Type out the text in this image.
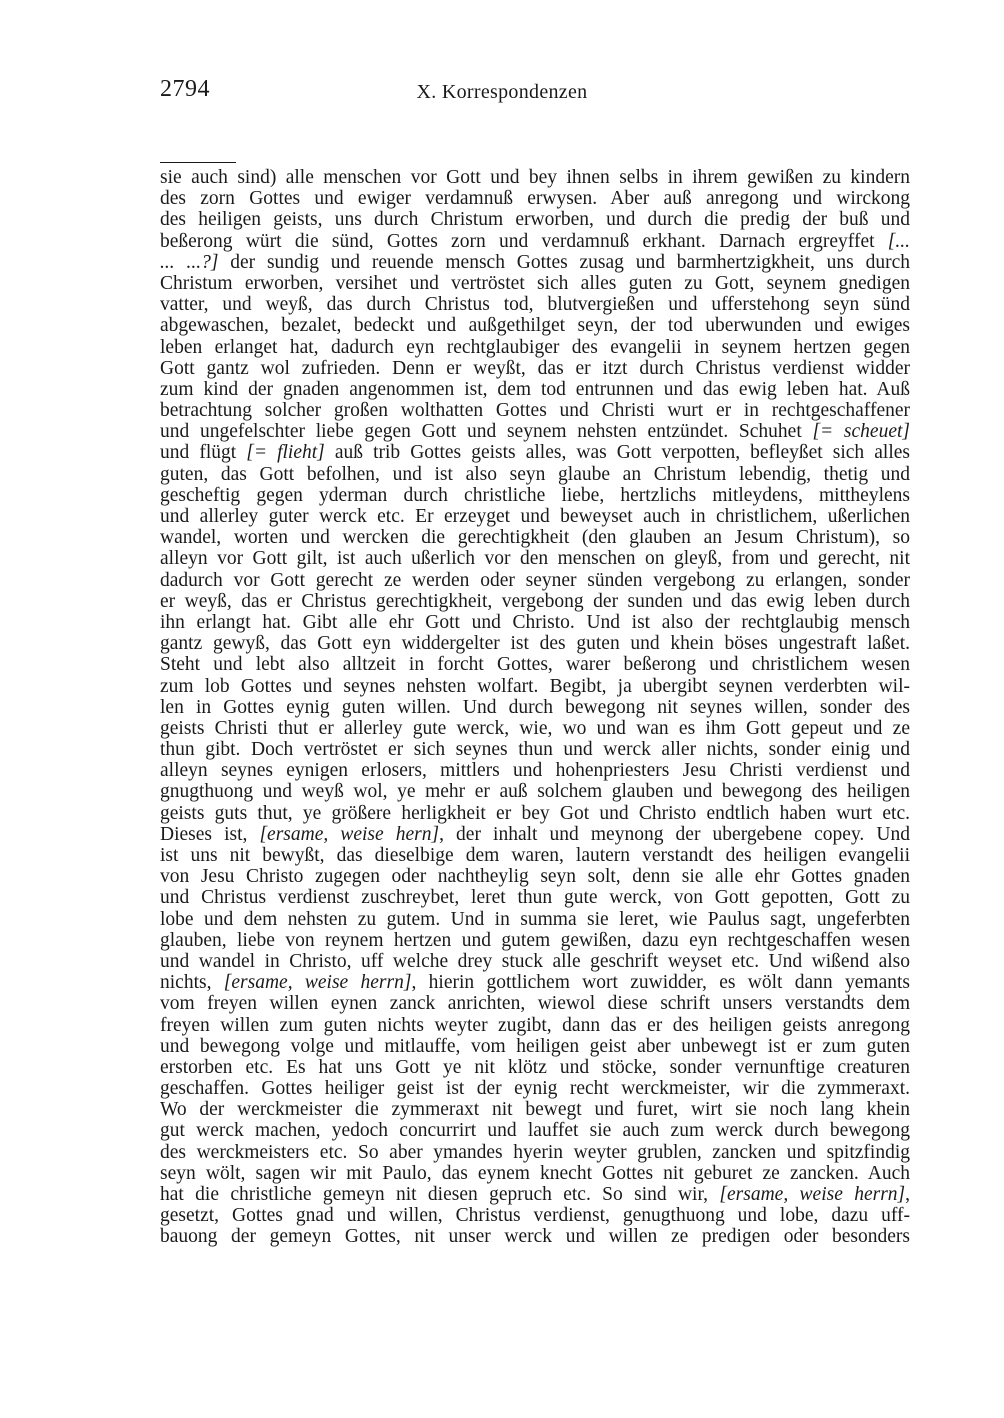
2794	X. Korrespondenzen
sie auch sind) alle menschen vor Gott und bey ihnen selbs in ihrem gewißen zu kindern
des zorn Gottes und ewiger verdamnuß erwysen. Aber auß anregong und wirckong
des heiligen geists, uns durch Christum erworben, und durch die predig der buß und
beßerong würt die sünd, Gottes zorn und verdamnuß erkhant. Darnach ergreyffet [...
... ...?] der sundig und reuende mensch Gottes zusag und barmhertzigkheit, uns durch
Christum erworben, versihet und vertröstet sich alles guten zu Gott, seynem gnedigen
vatter, und weyß, das durch Christus tod, blutvergießen und ufferstehong seyn sünd
abgewaschen, bezalet, bedeckt und außgethilget seyn, der tod uberwunden und ewiges
leben erlanget hat, dadurch eyn rechtglaubiger des evangelii in seynem hertzen gegen
Gott gantz wol zufrieden. Denn er weyßt, das er itzt durch Christus verdienst widder
zum kind der gnaden angenommen ist, dem tod entrunnen und das ewig leben hat. Auß
betrachtung solcher großen wolthatten Gottes und Christi wurt er in rechtgeschaffener
und ungefelschter liebe gegen Gott und seynem nehsten entzündet. Schuhet [= scheuet]
und flügt [= flieht] auß trib Gottes geists alles, was Gott verpotten, befleyßet sich alles
guten, das Gott befolhen, und ist also seyn glaube an Christum lebendig, thetig und
gescheftig gegen yderman durch christliche liebe, hertzlichs mitleydens, mittheylens
und allerley guter werck etc. Er erzeyget und beweyset auch in christlichem, ußerlichen
wandel, worten und wercken die gerechtigkheit (den glauben an Jesum Christum), so
alleyn vor Gott gilt, ist auch ußerlich vor den menschen on gleyß, from und gerecht, nit
dadurch vor Gott gerecht ze werden oder seyner sünden vergebong zu erlangen, sonder
er weyß, das er Christus gerechtigkheit, vergebong der sunden und das ewig leben durch
ihn erlangt hat. Gibt alle ehr Gott und Christo. Und ist also der rechtglaubig mensch
gantz gewyß, das Gott eyn widdergelter ist des guten und khein böses ungestraft laßet.
Steht und lebt also alltzeit in forcht Gottes, warer beßerong und christlichem wesen
zum lob Gottes und seynes nehsten wolfart. Begibt, ja ubergibt seynen verderbten wil-
len in Gottes eynig guten willen. Und durch bewegong nit seynes willen, sonder des
geists Christi thut er allerley gute werck, wie, wo und wan es ihm Gott gepeut und ze
thun gibt. Doch vertröstet er sich seynes thun und werck aller nichts, sonder einig und
alleyn seynes eynigen erlosers, mittlers und hohenpriesters Jesu Christi verdienst und
gnugthuong und weyß wol, ye mehr er auß solchem glauben und bewegong des heiligen
geists guts thut, ye größere herligkheit er bey Got und Christo endtlich haben wurt etc.
Dieses ist, [ersame, weise hern], der inhalt und meynong der ubergebene copey. Und
ist uns nit bewyßt, das dieselbige dem waren, lautern verstandt des heiligen evangelii
von Jesu Christo zugegen oder nachtheylig seyn solt, denn sie alle ehr Gottes gnaden
und Christus verdienst zuschreybet, leret thun gute werck, von Gott gepotten, Gott zu
lobe und dem nehsten zu gutem. Und in summa sie leret, wie Paulus sagt, ungeferbten
glauben, liebe von reynem hertzen und gutem gewißen, dazu eyn rechtgeschaffen wesen
und wandel in Christo, uff welche drey stuck alle geschrift weyset etc. Und wißend also
nichts, [ersame, weise herrn], hierin gottlichem wort zuwidder, es wölt dann yemants
vom freyen willen eynen zanck anrichten, wiewol diese schrift unsers verstandts dem
freyen willen zum guten nichts weyter zugibt, dann das er des heiligen geists anregong
und bewegong volge und mitlauffe, vom heiligen geist aber unbewegt ist er zum guten
erstorben etc. Es hat uns Gott ye nit klötz und stöcke, sonder vernunftige creaturen
geschaffen. Gottes heiliger geist ist der eynig recht werckmeister, wir die zymmeraxt.
Wo der werckmeister die zymmeraxt nit bewegt und furet, wirt sie noch lang khein
gut werck machen, yedoch concurrirt und lauffet sie auch zum werck durch bewegong
des werckmeisters etc. So aber ymandes hyerin weyter grublen, zancken und spitzfindig
seyn wölt, sagen wir mit Paulo, das eynem knecht Gottes nit geburet ze zancken. Auch
hat die christliche gemeyn nit diesen gepruch etc. So sind wir, [ersame, weise herrn],
gesetzt, Gottes gnad und willen, Christus verdienst, genugthuong und lobe, dazu uff-
bauong der gemeyn Gottes, nit unser werck und willen ze predigen oder besonders
